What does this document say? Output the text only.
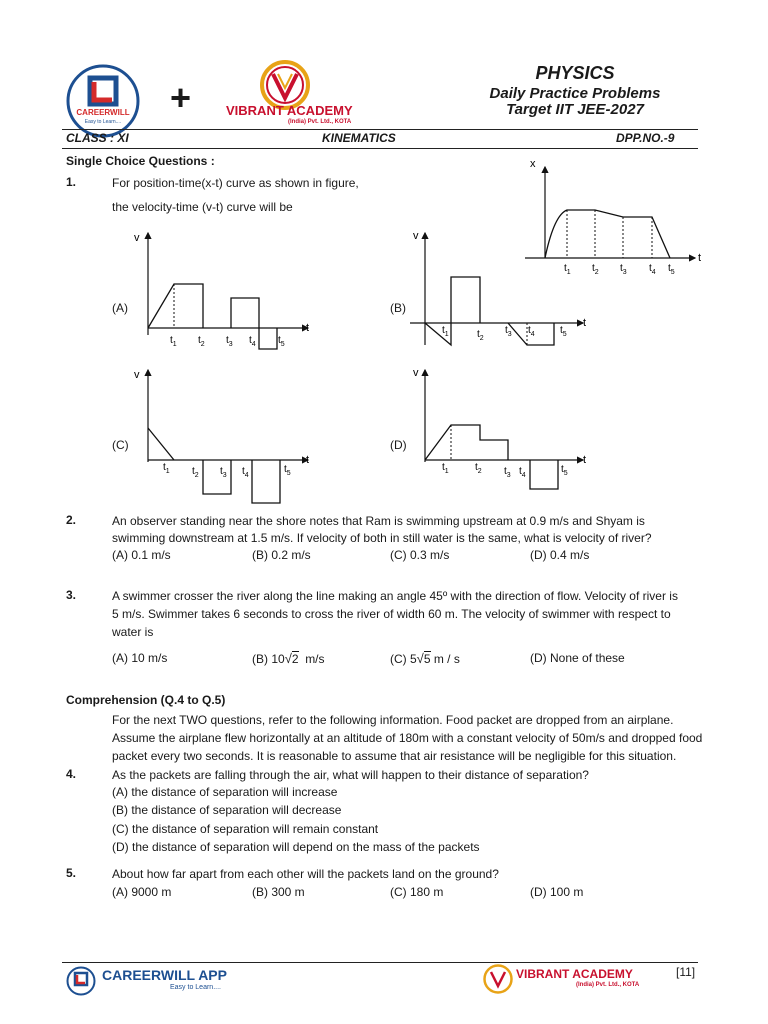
CAREERWILL
Easy to Learn....
+	VIBRANT ACADEMY
(India) Pvt. Ltd., KOTA
PHYSICS
Daily Practice Problems
Target IIT JEE-2027
CLASS : XI	KINEMATICS	DPP.NO.-9
Single Choice Questions :
1.	For position-time(x-t) curve as shown in figure,
the velocity-time (v-t) curve will be
x
t
$t_1$ $t_2$ $t_3$ $t_4$ $t_5$
(A)
v
t
$t_1$ $t_2$ $t_3$ $t_4$ $t_5$
(B)
v
t
$t_1$	$t_2$
$t_3$ $t_4$	$t_5$
(C)
v
t
$t_1$ $t_2$ $t_3$ $t_4$
$t_5$
(D)
v
t
$t_1$	$t_2$ $t_3$ $t_4$
$t_5$
2.	An observer standing near the shore notes that Ram is swimming upstream at 0.9 m/s and Shyam is
swimming downstream at 1.5 m/s. If velocity of both in still water is the same, what is velocity of river?
(A) 0.1 m/s	(B) 0.2 m/s	(C) 0.3 m/s	(D) 0.4 m/s
3.	A swimmer crosser the river along the line making an angle 45º with the direction of flow. Velocity of river is
5 m/s. Swimmer takes 6 seconds to cross the river of width 60 m. The velocity of swimmer with respect to
water is
(A) 10 m/s	(B) 10√2 m/s	(C) 5√5 m / s	(D) None of these
Comprehension (Q.4 to Q.5)
For the next TWO questions, refer to the following information. Food packet are dropped from an airplane.
Assume the airplane flew horizontally at an altitude of 180m with a constant velocity of 50m/s and dropped food
packet every two seconds. It is reasonable to assume that air resistance will be negligible for this situation.
4.	As the packets are falling through the air, what will happen to their distance of separation?
(A) the distance of separation will increase
(B) the distance of separation will decrease
(C) the distance of separation will remain constant
(D) the distance of separation will depend on the mass of the packets
5.	About how far apart from each other will the packets land on the ground?
(A) 9000 m	(B) 300 m	(C) 180 m	(D) 100 m
CAREERWILL APP
Easy to Learn....
VIBRANT ACADEMY
(India) Pvt. Ltd., KOTA
[11]
